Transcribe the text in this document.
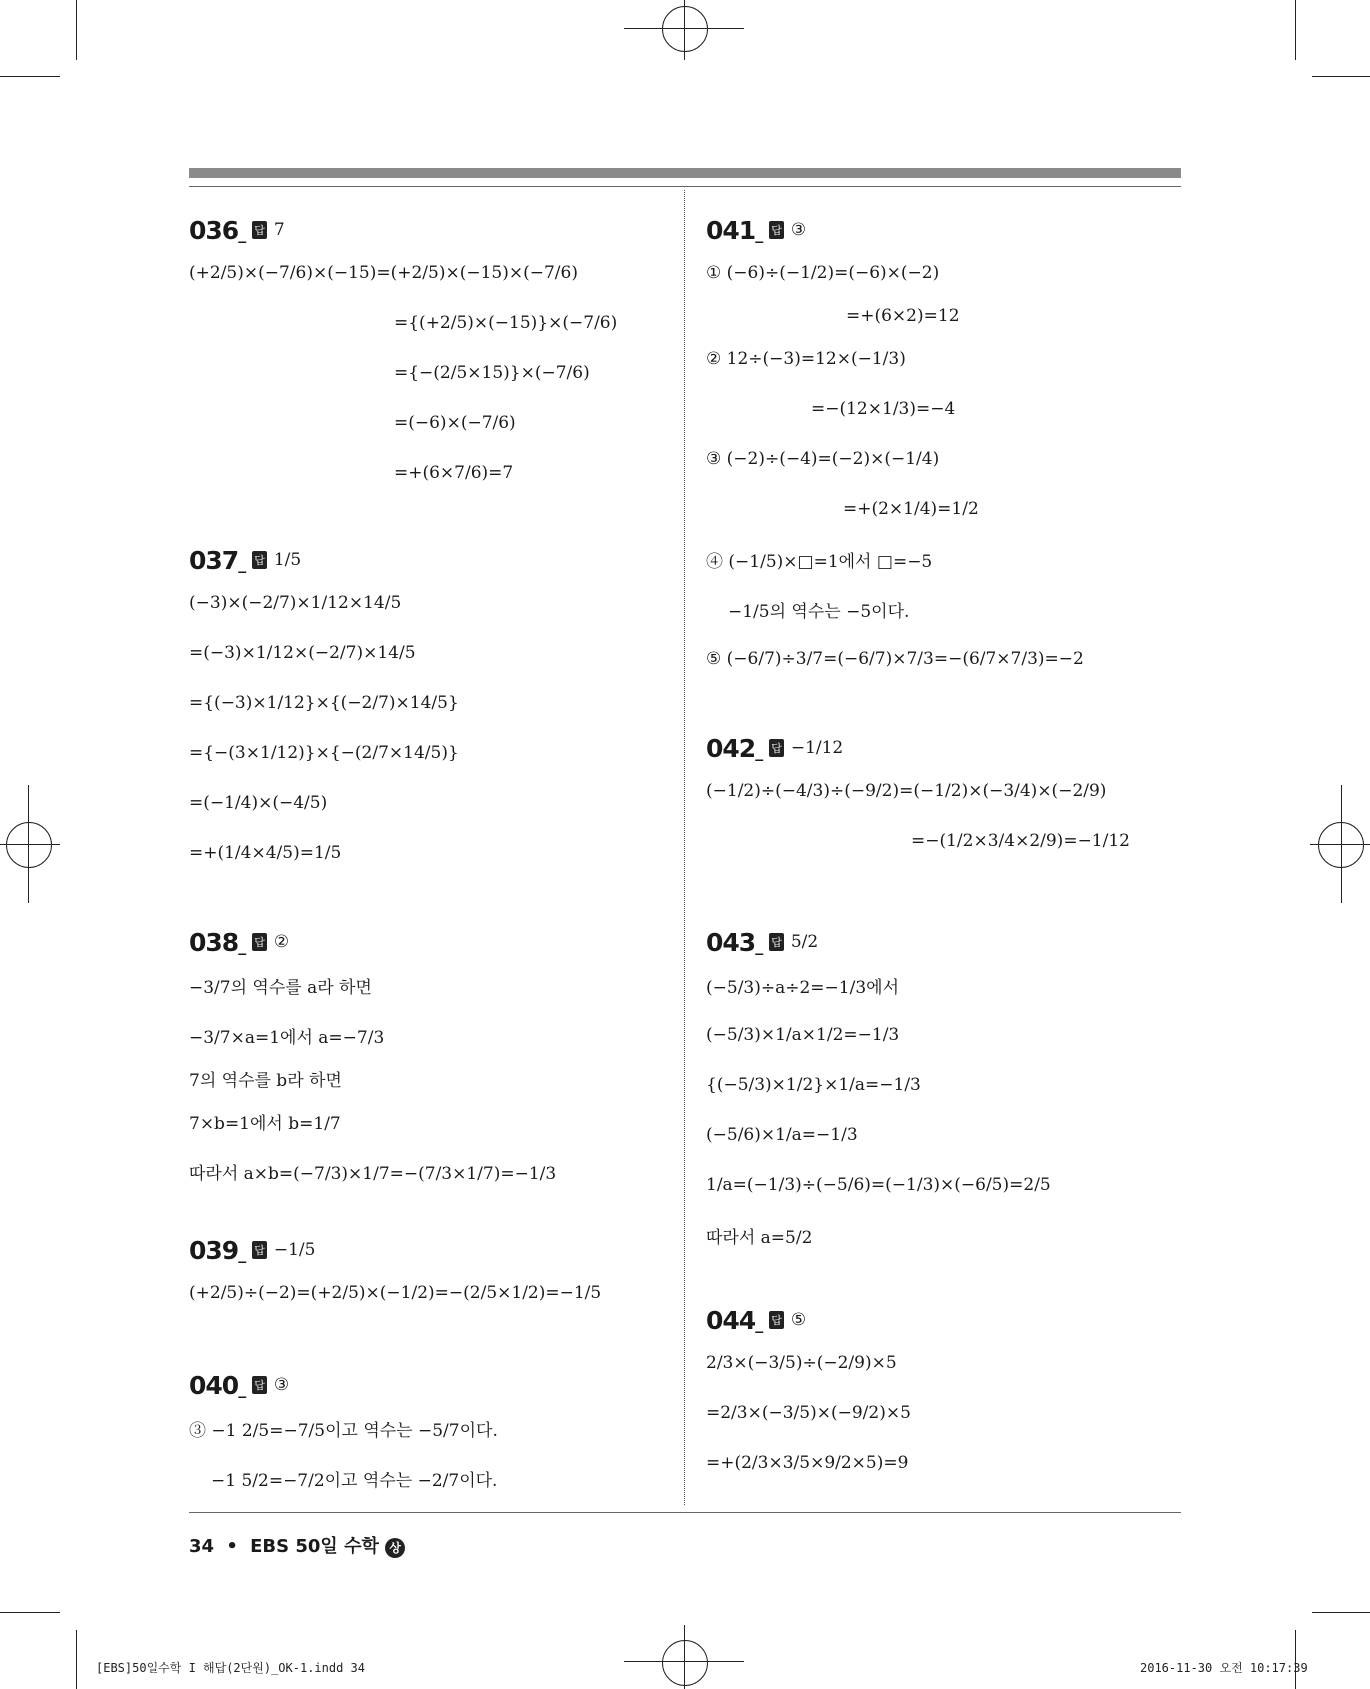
036 _	답 7
(+2/5)×(−7/6)×(−15)=(+2/5)×(−15)×(−7/6)
={(+2/5)×(−15)}×(−7/6)
={−(2/5×15)}×(−7/6)
=(−6)×(−7/6)
=+(6×7/6)=7
037 _	답 1/5
(−3)×(−2/7)×1/12×14/5
=(−3)×1/12×(−2/7)×14/5
={(−3)×1/12}×{(−2/7)×14/5}
={−(3×1/12)}×{−(2/7×14/5)}
=(−1/4)×(−4/5)
=+(1/4×4/5)=1/5
038 _	답 ②
−3/7의 역수를 a라 하면
−3/7×a=1에서 a=−7/3
7의 역수를 b라 하면
7×b=1에서 b=1/7
따라서 a×b=(−7/3)×1/7=−(7/3×1/7)=−1/3
039 _	답 −1/5
(+2/5)÷(−2)=(+2/5)×(−1/2)=−(2/5×1/2)=−1/5
040 _	답 ③
③ −1 2/5=−7/5이고 역수는 −5/7이다.
−1 5/2=−7/2이고 역수는 −2/7이다.
041 _	답 ③
① (−6)÷(−1/2)=(−6)×(−2)
=+(6×2)=12
② 12÷(−3)=12×(−1/3)
=−(12×1/3)=−4
③ (−2)÷(−4)=(−2)×(−1/4)
=+(2×1/4)=1/2
④ (−1/5)×□=1에서 □=−5
−1/5의 역수는 −5이다.
⑤ (−6/7)÷3/7=(−6/7)×7/3=−(6/7×7/3)=−2
042 _	답 −1/12
(−1/2)÷(−4/3)÷(−9/2)=(−1/2)×(−3/4)×(−2/9)
=−(1/2×3/4×2/9)=−1/12
043 _	답 5/2
(−5/3)÷a÷2=−1/3에서
(−5/3)×1/a×1/2=−1/3
{(−5/3)×1/2}×1/a=−1/3
(−5/6)×1/a=−1/3
1/a=(−1/3)÷(−5/6)=(−1/3)×(−6/5)=2/5
따라서 a=5/2
044 _	답 ⑤
2/3×(−3/5)÷(−2/9)×5
=2/3×(−3/5)×(−9/2)×5
=+(2/3×3/5×9/2×5)=9
34 • EBS 50일 수학 상
[EBS]50일수학 I 해답(2단원)_OK-1.indd 34	2016-11-30 오전 10:17:39
